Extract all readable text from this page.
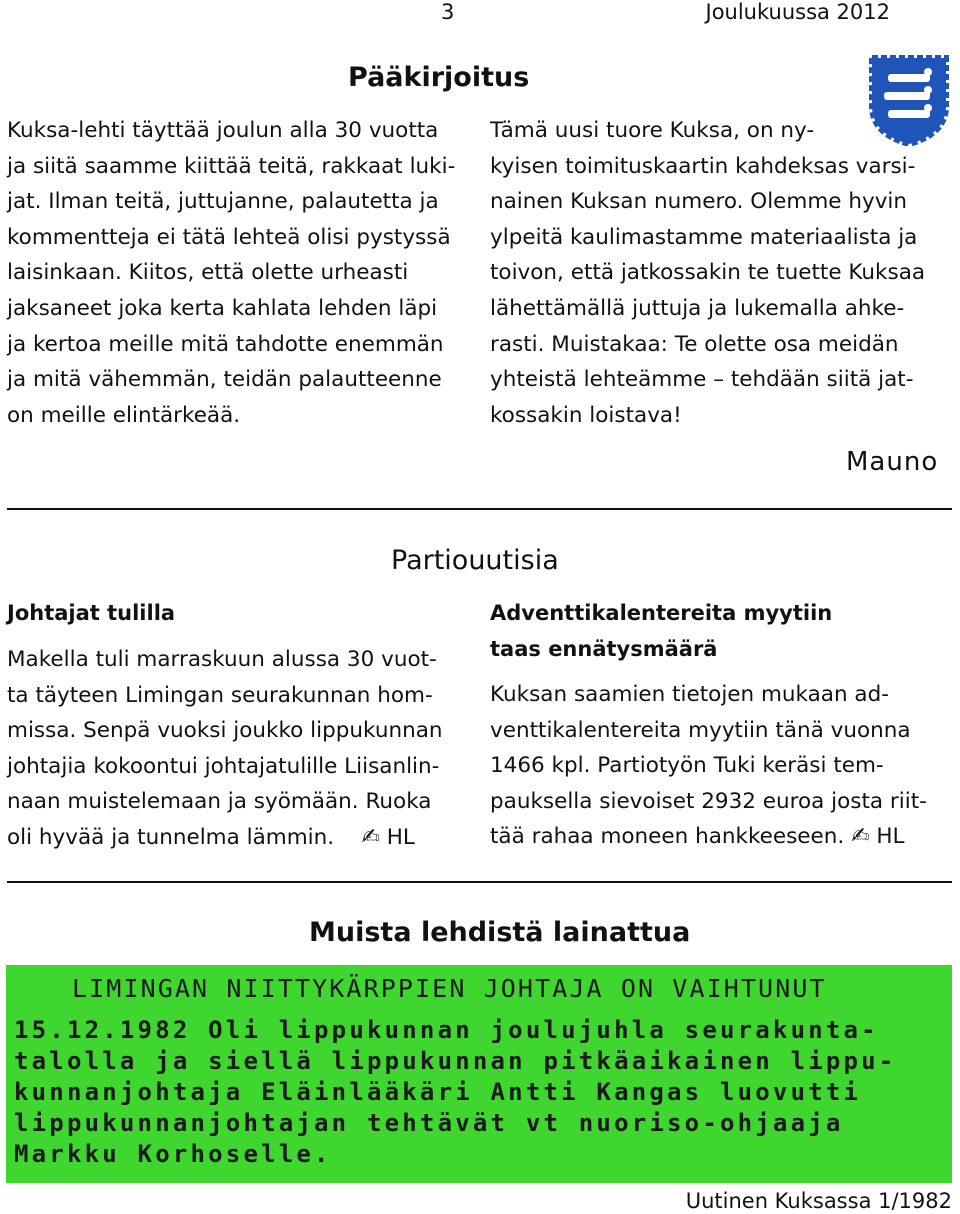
3	Joulukuussa 2012
Pääkirjoitus

Kuksa-lehti täyttää joulun alla 30 vuotta

ja siitä saamme kiittää teitä, rakkaat luki-

jat. Ilman teitä, juttujanne, palautetta ja

kommentteja ei tätä lehteä olisi pystyssä

laisinkaan. Kiitos, että olette urheasti

jaksaneet joka kerta kahlata lehden läpi

ja kertoa meille mitä tahdotte enemmän

ja mitä vähemmän, teidän palautteenne

on meille elintärkeää.

Tämä uusi tuore Kuksa, on ny-

kyisen toimituskaartin kahdeksas varsi-

nainen Kuksan numero. Olemme hyvin

ylpeitä kaulimastamme materiaalista ja

toivon, että jatkossakin te tuette Kuksaa

lähettämällä juttuja ja lukemalla ahke-

rasti. Muistakaa: Te olette osa meidän

yhteistä lehteämme – tehdään siitä jat-

kossakin loistava!

Mauno
Partiouutisia
Johtajat tulilla

Makella tuli marraskuun alussa 30 vuot-

ta täyteen Limingan seurakunnan hom-

missa. Senpä vuoksi joukko lippukunnan

johtajia kokoontui johtajatulille Liisanlin-

naan muistelemaan ja syömään. Ruoka

oli hyvää ja tunnelma lämmin. ✍ HL

Adventtikalentereita myytiin
taas ennätysmäärä

Kuksan saamien tietojen mukaan ad-

venttikalentereita myytiin tänä vuonna

1466 kpl. Partiotyön Tuki keräsi tem-

pauksella sievoiset 2932 euroa josta riit-

tää rahaa moneen hankkeeseen. ✍ HL

Muista lehdistä lainattua
LIMINGAN NIITTYKÄRPPIEN JOHTAJA ON VAIHTUNUT
15.12.1982 Oli lippukunnan joulujuhla seurakunta-
talolla ja siellä lippukunnan pitkäaikainen lippu-
kunnanjohtaja Eläinlääkäri Antti Kangas luovutti
lippukunnanjohtajan tehtävät vt nuoriso-ohjaaja
Markku Korhoselle.
Uutinen Kuksassa 1/1982
